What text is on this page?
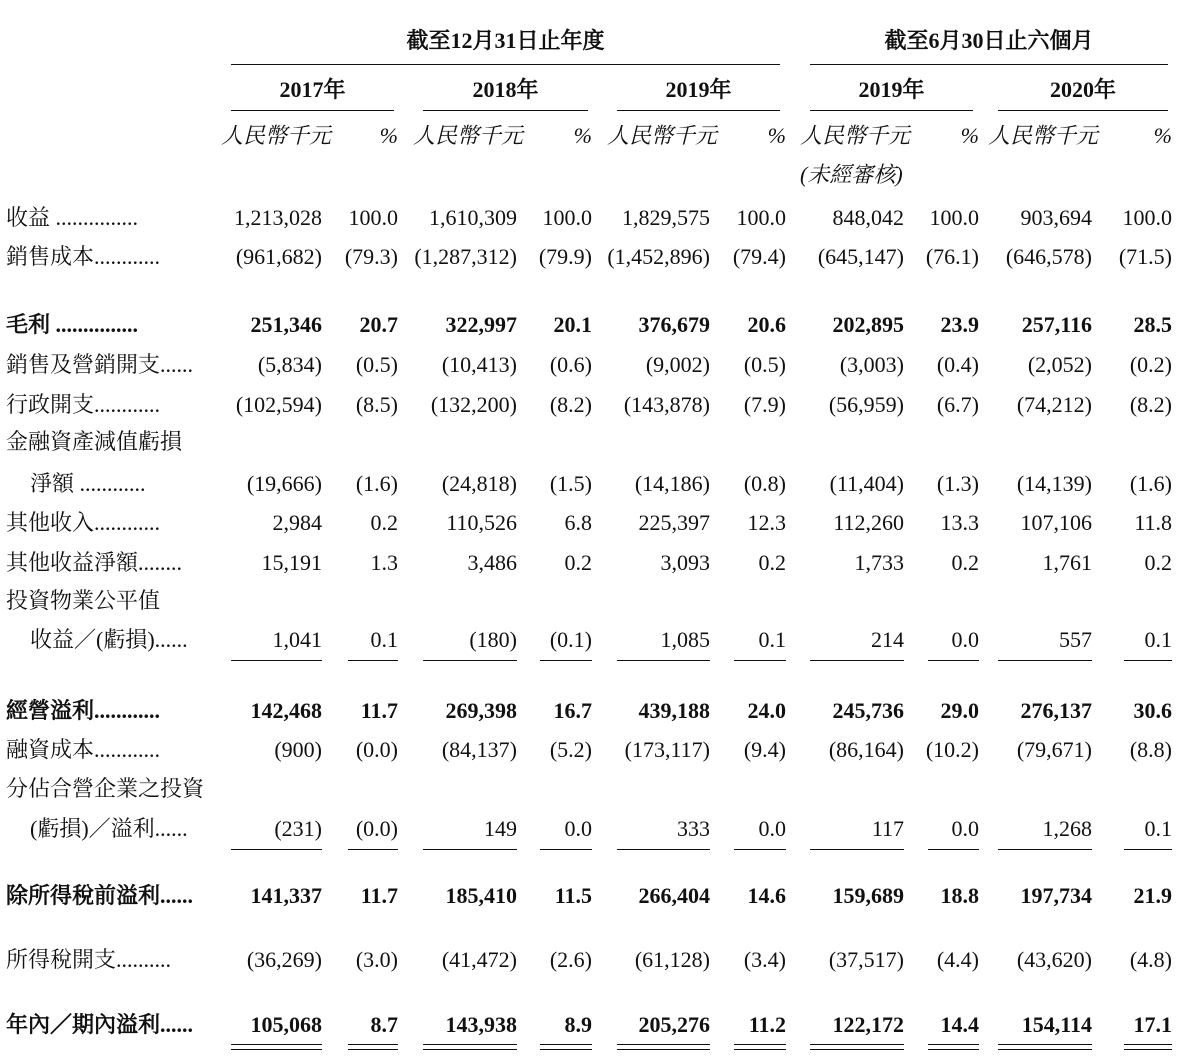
截至12月31日止年度	截至6月30日止六個月
2017年
人民幣千元	%
2018年
人民幣千元	%
2019年
人民幣千元	%
2019年
人民幣千元	%
2020年
人民幣千元	%
(未經審核)
收益 ...............	1,213,028	100.0	1,610,309	100.0	1,829,575	100.0	848,042	100.0	903,694	100.0
銷售成本............	(961,682)	(79.3) (1,287,312) (79.9) (1,452,896)	(79.4)	(645,147) (76.1)	(646,578)	(71.5)
毛利 ...............	251,346	20.7	322,997	20.1	376,679	20.6	202,895	23.9	257,116	28.5
銷售及營銷開支......	(5,834)	(0.5)	(10,413)	(0.6)	(9,002)	(0.5)	(3,003)	(0.4)	(2,052)	(0.2)
行政開支............	(102,594)	(8.5)	(132,200)	(8.2)	(143,878)	(7.9)	(56,959)	(6.7)	(74,212)	(8.2)
金融資產減值虧損
淨額 ............	(19,666)	(1.6)	(24,818)	(1.5)	(14,186)	(0.8)	(11,404)	(1.3)	(14,139)	(1.6)
其他收入............	2,984	0.2	110,526	6.8	225,397	12.3	112,260	13.3	107,106	11.8
其他收益淨額........	15,191	1.3	3,486	0.2	3,093	0.2	1,733	0.2	1,761	0.2
投資物業公平值
收益／(虧損)......	1,041	0.1	(180)	(0.1)	1,085	0.1	214	0.0	557	0.1
經營溢利............	142,468	11.7	269,398	16.7	439,188	24.0	245,736	29.0	276,137	30.6
融資成本............	(900)	(0.0)	(84,137)	(5.2)	(173,117)	(9.4)	(86,164) (10.2)	(79,671)	(8.8)
分佔合營企業之投資
(虧損)／溢利......	(231)	(0.0)	149	0.0	333	0.0	117	0.0	1,268	0.1
除所得稅前溢利......	141,337	11.7	185,410	11.5	266,404	14.6	159,689	18.8	197,734	21.9
所得稅開支..........	(36,269)	(3.0)	(41,472)	(2.6)	(61,128)	(3.4)	(37,517)	(4.4)	(43,620)	(4.8)
年內／期內溢利......	105,068	8.7	143,938	8.9	205,276	11.2	122,172	14.4	154,114	17.1
